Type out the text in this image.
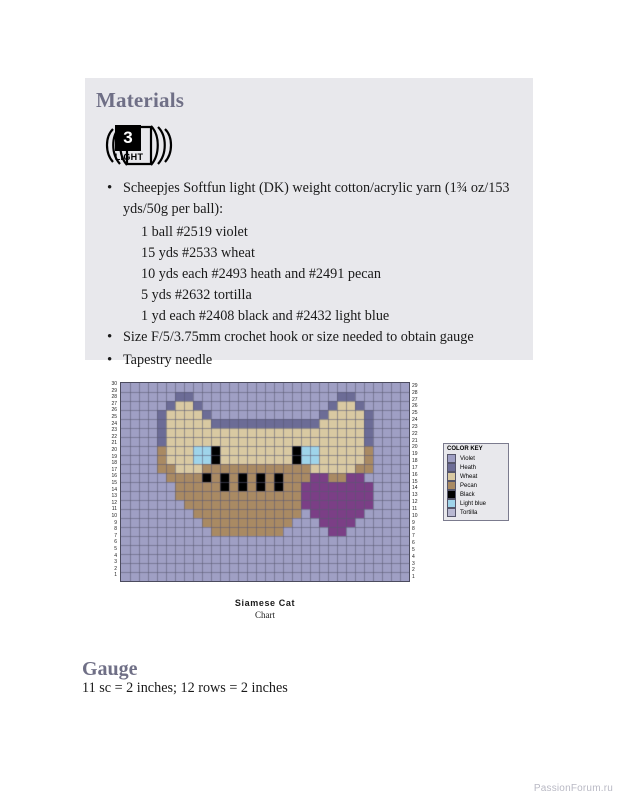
Materials
3
LIGHT
• Scheepjes Softfun light (DK) weight cotton/acrylic yarn (1¾ oz/153 yds/50g per ball):
1 ball #2519 violet
15 yds #2533 wheat
10 yds each #2493 heath and #2491 pecan
5 yds #2632 tortilla
1 yd each #2408 black and #2432 light blue
• Size F/5/3.75mm crochet hook or size needed to obtain gauge
• Tapestry needle
30
29
28
27
26
25
24
23
22
21
20
19
18
17
16
15
14
13
12
11
10
9
8
7
6
5
4
3
2
1
29
28
27
26
25
24
23
22
21
20
19
18
17
16
15
14
13
12
11
10
9
8
7
6
5
4
3
2
1
Siamese Cat
Chart
COLOR KEY
Violet
Heath
Wheat
Pecan
Black
Light blue
Tortilla
Gauge
11 sc = 2 inches; 12 rows = 2 inches
PassionForum.ru
